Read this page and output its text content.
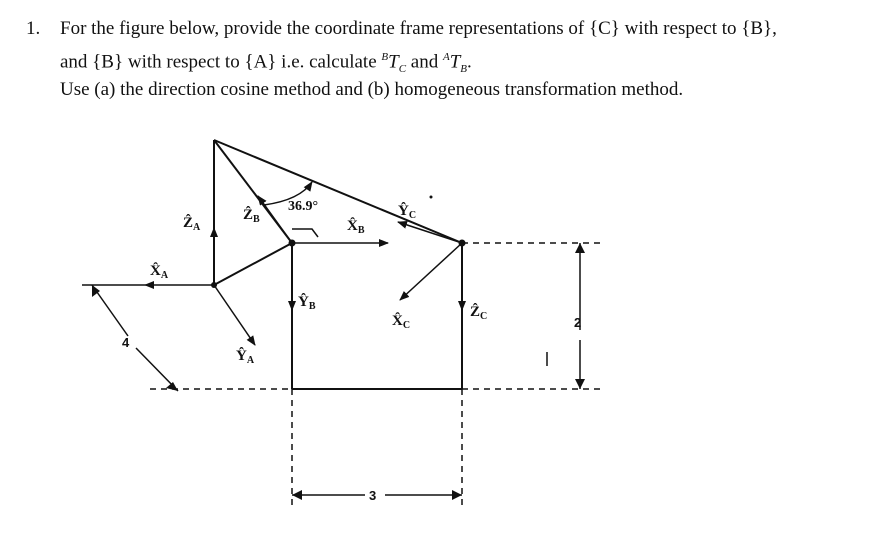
1. For the figure below, provide the coordinate frame representations of {C} with respect to {B},
and {B} with respect to {A} i.e. calculate $^BT_C$ and $^AT_B$.
Use (a) the direction cosine method and (b) homogeneous transformation method.
36.9°
2
3
4
Ẑ$_A$
$X̂_A$
$Ŷ_A$
Ẑ$_B$	$X̂_B$
$Ŷ_B$
$X̂_C$
$Ŷ_C$
Ẑ$_C$
